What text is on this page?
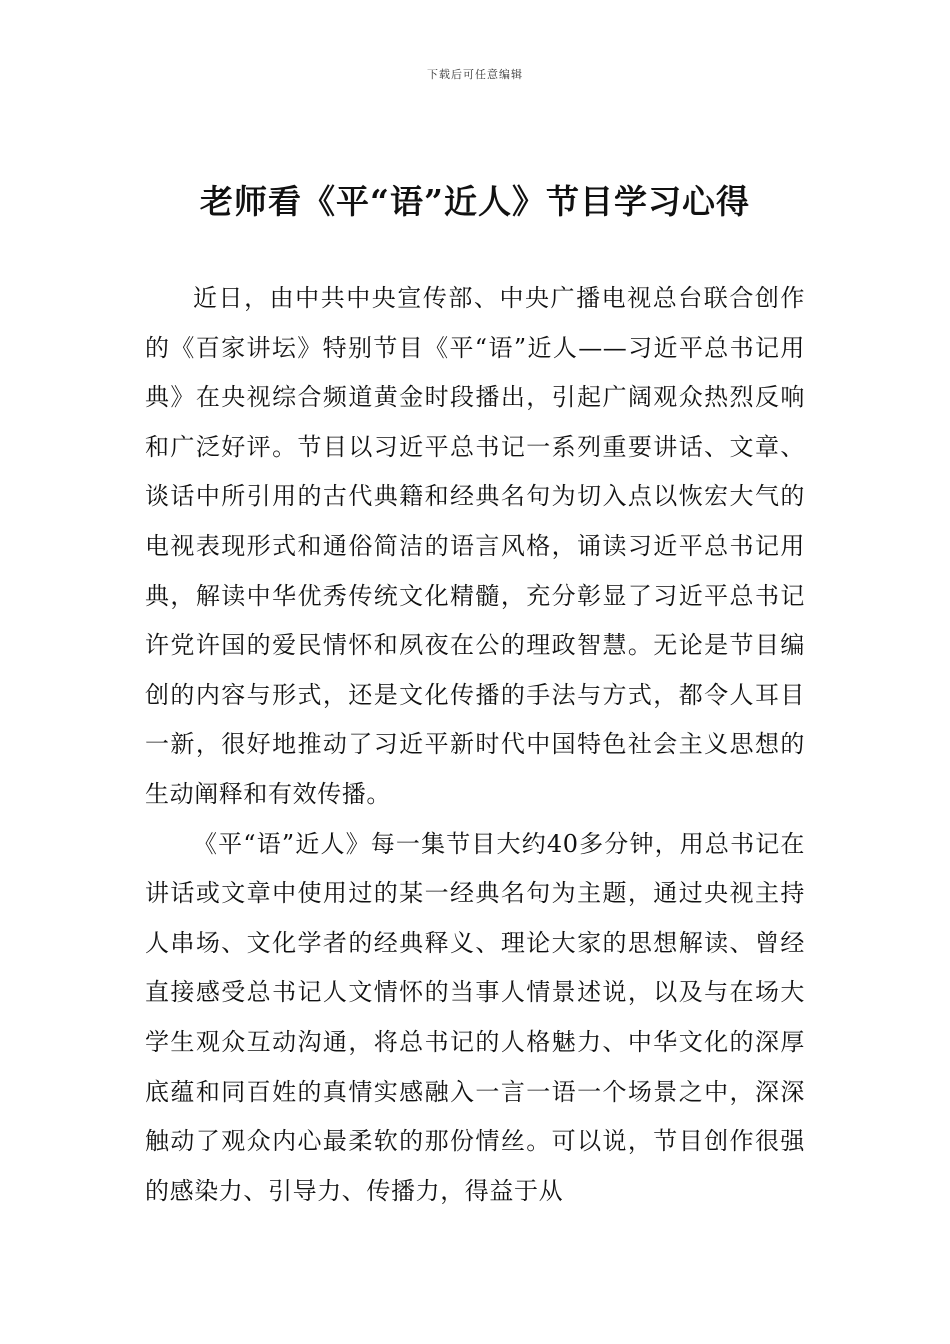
下载后可任意编辑
老师看《平“语”近人》节目学习心得

近日，由中共中央宣传部、中央广播电视总台联合创作的《百家讲坛》特别节目《平“语”近人——习近平总书记用典》在央视综合频道黄金时段播出，引起广阔观众热烈反响和广泛好评。节目以习近平总书记一系列重要讲话、文章、谈话中所引用的古代典籍和经典名句为切入点以恢宏大气的电视表现形式和通俗简洁的语言风格，诵读习近平总书记用典，解读中华优秀传统文化精髓，充分彰显了习近平总书记许党许国的爱民情怀和夙夜在公的理政智慧。无论是节目编创的内容与形式，还是文化传播的手法与方式，都令人耳目一新，很好地推动了习近平新时代中国特色社会主义思想的生动阐释和有效传播。

《平“语”近人》每一集节目大约40多分钟，用总书记在讲话或文章中使用过的某一经典名句为主题，通过央视主持人串场、文化学者的经典释义、理论大家的思想解读、曾经直接感受总书记人文情怀的当事人情景述说，以及与在场大学生观众互动沟通，将总书记的人格魅力、中华文化的深厚底蕴和同百姓的真情实感融入一言一语一个场景之中，深深触动了观众内心最柔软的那份情丝。可以说，节目创作很强的感染力、引导力、传播力，得益于从
